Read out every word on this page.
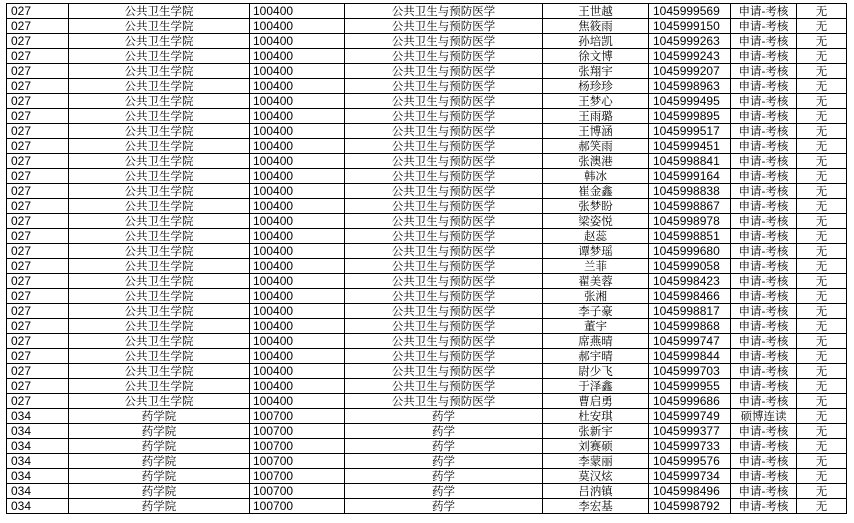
027	公共卫生学院	100400	公共卫生与预防医学	王世越	1045999569	申请-考核	无
027	公共卫生学院	100400	公共卫生与预防医学	焦筱雨	1045999150	申请-考核	无
027	公共卫生学院	100400	公共卫生与预防医学	孙培凯	1045999263	申请-考核	无
027	公共卫生学院	100400	公共卫生与预防医学	徐文博	1045999243	申请-考核	无
027	公共卫生学院	100400	公共卫生与预防医学	张翔宇	1045999207	申请-考核	无
027	公共卫生学院	100400	公共卫生与预防医学	杨珍珍	1045998963	申请-考核	无
027	公共卫生学院	100400	公共卫生与预防医学	王梦心	1045999495	申请-考核	无
027	公共卫生学院	100400	公共卫生与预防医学	王雨璐	1045999895	申请-考核	无
027	公共卫生学院	100400	公共卫生与预防医学	王博涵	1045999517	申请-考核	无
027	公共卫生学院	100400	公共卫生与预防医学	郝笑雨	1045999451	申请-考核	无
027	公共卫生学院	100400	公共卫生与预防医学	张澳港	1045998841	申请-考核	无
027	公共卫生学院	100400	公共卫生与预防医学	韩冰	1045999164	申请-考核	无
027	公共卫生学院	100400	公共卫生与预防医学	崔金鑫	1045998838	申请-考核	无
027	公共卫生学院	100400	公共卫生与预防医学	张梦盼	1045998867	申请-考核	无
027	公共卫生学院	100400	公共卫生与预防医学	梁姿悦	1045998978	申请-考核	无
027	公共卫生学院	100400	公共卫生与预防医学	赵蕊	1045998851	申请-考核	无
027	公共卫生学院	100400	公共卫生与预防医学	谭梦瑶	1045999680	申请-考核	无
027	公共卫生学院	100400	公共卫生与预防医学	兰菲	1045999058	申请-考核	无
027	公共卫生学院	100400	公共卫生与预防医学	翟美蓉	1045998423	申请-考核	无
027	公共卫生学院	100400	公共卫生与预防医学	张湘	1045998466	申请-考核	无
027	公共卫生学院	100400	公共卫生与预防医学	李子豪	1045998817	申请-考核	无
027	公共卫生学院	100400	公共卫生与预防医学	董宇	1045999868	申请-考核	无
027	公共卫生学院	100400	公共卫生与预防医学	席燕晴	1045999747	申请-考核	无
027	公共卫生学院	100400	公共卫生与预防医学	郝宇晴	1045999844	申请-考核	无
027	公共卫生学院	100400	公共卫生与预防医学	尉少飞	1045999703	申请-考核	无
027	公共卫生学院	100400	公共卫生与预防医学	于泽鑫	1045999955	申请-考核	无
027	公共卫生学院	100400	公共卫生与预防医学	曹启勇	1045999686	申请-考核	无
034	药学院	100700	药学	杜安琪	1045999749	硕博连读	无
034	药学院	100700	药学	张新宇	1045999377	申请-考核	无
034	药学院	100700	药学	刘赛硕	1045999733	申请-考核	无
034	药学院	100700	药学	李蒙丽	1045999576	申请-考核	无
034	药学院	100700	药学	莫汉炫	1045999734	申请-考核	无
034	药学院	100700	药学	吕汭镇	1045998496	申请-考核	无
034	药学院	100700	药学	李宏基	1045998792	申请-考核	无
